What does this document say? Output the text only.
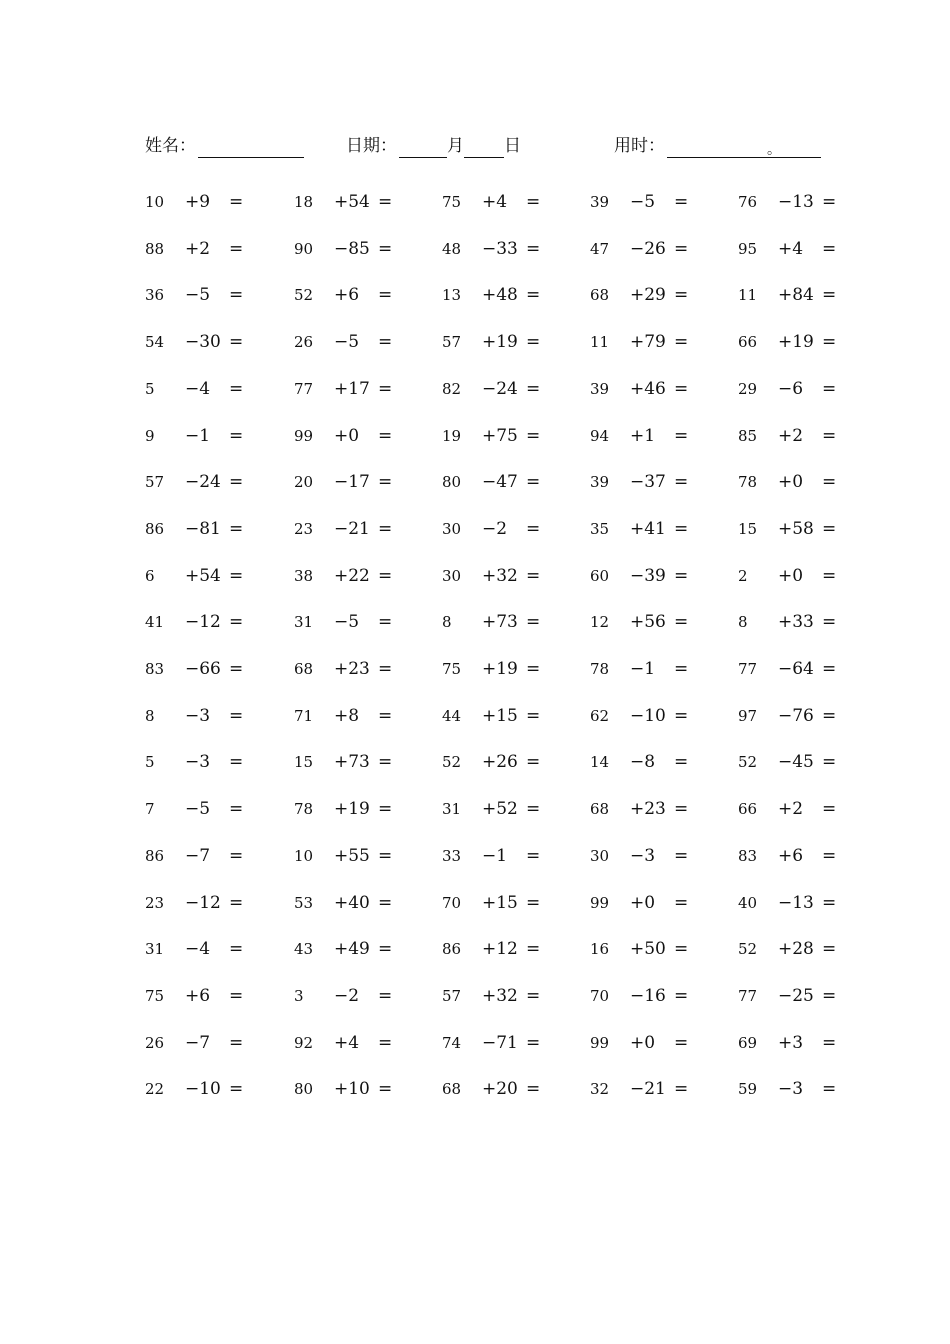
姓名：	日期：	月 日	用时：	。
10 +9 =	18 +54 =	75 +4 =	39 −5 =	76 −13 =
88 +2 =	90 −85 =	48 −33 =	47 −26 =	95 +4 =
36 −5 =	52 +6 =	13 +48 =	68 +29 =	11 +84 =
54 −30 =	26 −5 =	57 +19 =	11 +79 =	66 +19 =
5 −4 =	77 +17 =	82 −24 =	39 +46 =	29 −6 =
9 −1 =	99 +0 =	19 +75 =	94 +1 =	85 +2 =
57 −24 =	20 −17 =	80 −47 =	39 −37 =	78 +0 =
86 −81 =	23 −21 =	30 −2 =	35 +41 =	15 +58 =
6 +54 =	38 +22 =	30 +32 =	60 −39 =	2 +0 =
41 −12 =	31 −5 =	8 +73 =	12 +56 =	8 +33 =
83 −66 =	68 +23 =	75 +19 =	78 −1 =	77 −64 =
8 −3 =	71 +8 =	44 +15 =	62 −10 =	97 −76 =
5 −3 =	15 +73 =	52 +26 =	14 −8 =	52 −45 =
7 −5 =	78 +19 =	31 +52 =	68 +23 =	66 +2 =
86 −7 =	10 +55 =	33 −1 =	30 −3 =	83 +6 =
23 −12 =	53 +40 =	70 +15 =	99 +0 =	40 −13 =
31 −4 =	43 +49 =	86 +12 =	16 +50 =	52 +28 =
75 +6 =	3 −2 =	57 +32 =	70 −16 =	77 −25 =
26 −7 =	92 +4 =	74 −71 =	99 +0 =	69 +3 =
22 −10 =	80 +10 =	68 +20 =	32 −21 =	59 −3 =
